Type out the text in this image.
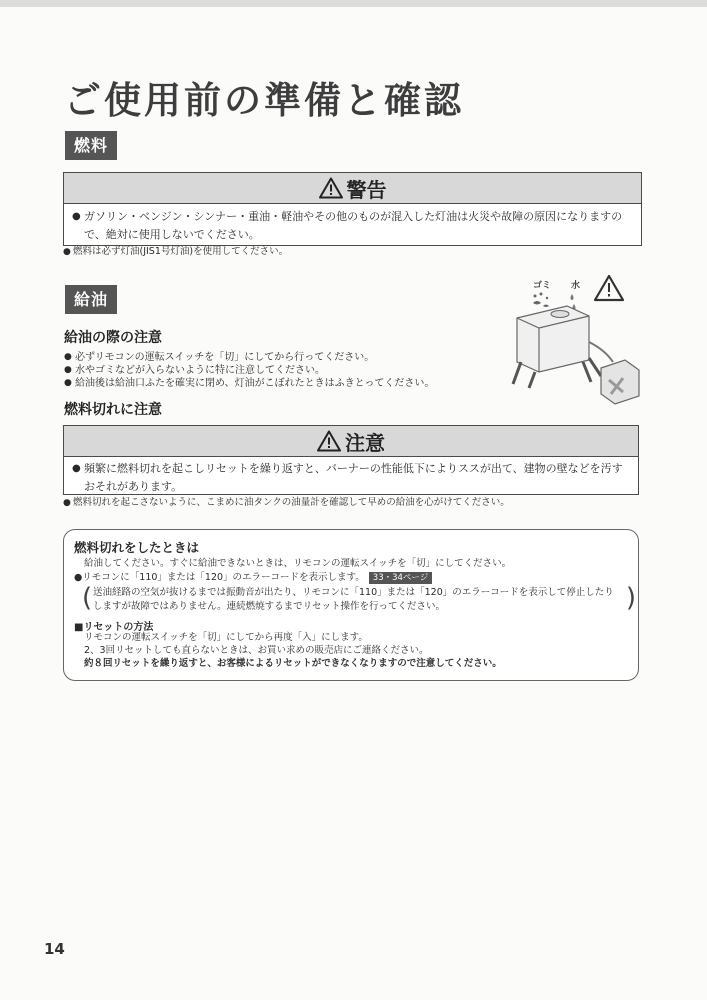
ご使用前の準備と確認
燃料
警告
● ガソリン・ベンジン・シンナー・重油・軽油やその他のものが混入した灯油は火災や故障の原因になりますの
で、絶対に使用しないでください。
● 燃料は必ず灯油(JIS1号灯油)を使用してください。
給油
ゴミ 水
給油の際の注意
● 必ずリモコンの運転スイッチを「切」にしてから行ってください。
● 水やゴミなどが入らないように特に注意してください。
● 給油後は給油口ふたを確実に閉め、灯油がこぼれたときはふきとってください。
燃料切れに注意
注意
● 頻繁に燃料切れを起こしリセットを繰り返すと、バーナーの性能低下によりススが出て、建物の壁などを汚す
おそれがあります。
● 燃料切れを起こさないように、こまめに油タンクの油量計を確認して早めの給油を心がけてください。
燃料切れをしたときは
給油してください。すぐに給油できないときは、リモコンの運転スイッチを「切」にしてください。
●リモコンに「110」または「120」のエラーコードを表示します。 33・34ページ
( 送油経路の空気が抜けるまでは振動音が出たり、リモコンに「110」または「120」のエラーコードを表示して停止したり
しますが故障ではありません。連続燃焼するまでリセット操作を行ってください。	)
■リセットの方法
リモコンの運転スイッチを「切」にしてから再度「入」にします。
2、3回リセットしても直らないときは、お買い求めの販売店にご連絡ください。
約８回リセットを繰り返すと、お客様によるリセットができなくなりますので注意してください。
14
